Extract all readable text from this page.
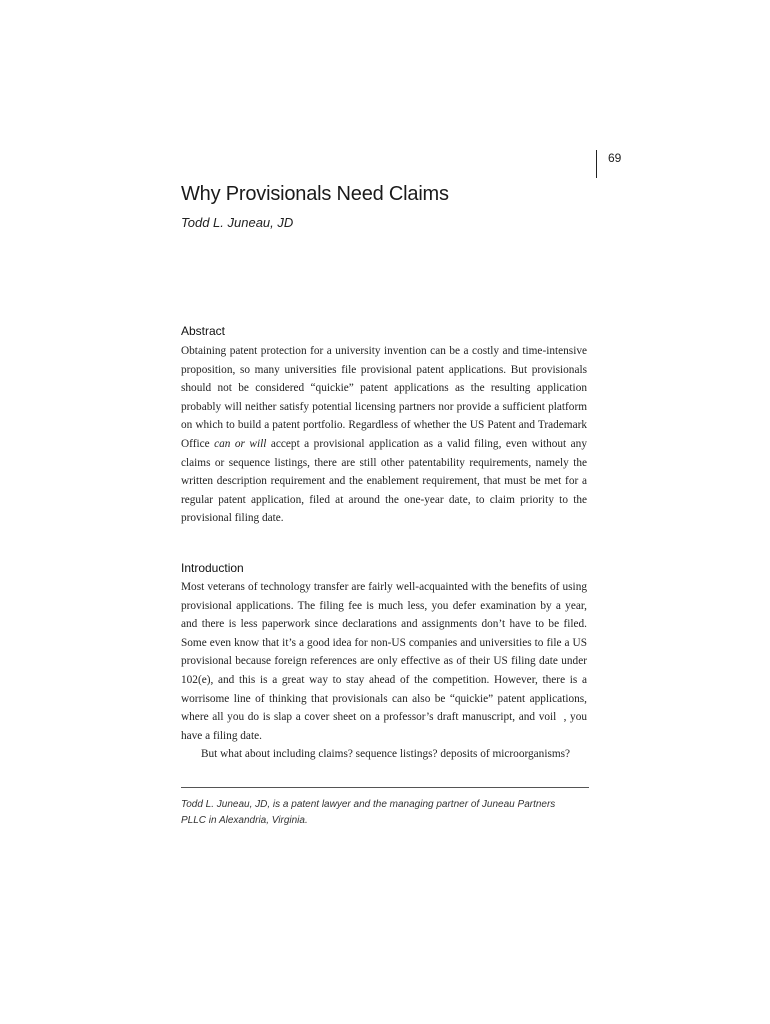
69
Why Provisionals Need Claims
Todd L. Juneau, JD
Abstract

Obtaining patent protection for a university invention can be a costly and time-intensive proposition, so many universities file provisional patent applications. But provisionals should not be considered “quickie” patent applications as the resulting application probably will neither satisfy potential licensing partners nor provide a sufficient platform on which to build a patent portfolio. Regardless of whether the US Patent and Trademark Office can or will accept a provisional application as a valid filing, even without any claims or sequence listings, there are still other patentability requirements, namely the written description requirement and the enablement requirement, that must be met for a regular patent application, filed at around the one-year date, to claim priority to the provisional filing date.

Introduction

Most veterans of technology transfer are fairly well-acquainted with the benefits of using provisional applications. The filing fee is much less, you defer examination by a year, and there is less paperwork since declarations and assignments don’t have to be filed. Some even know that it’s a good idea for non-US companies and universities to file a US provisional because foreign references are only effective as of their US filing date under 102(e), and this is a great way to stay ahead of the competition. However, there is a worrisome line of thinking that provisionals can also be “quickie” patent applications, where all you do is slap a cover sheet on a professor’s draft manuscript, and voil  , you have a filing date.

But what about including claims? sequence listings? deposits of microorganisms?

Todd L. Juneau, JD, is a patent lawyer and the managing partner of Juneau Partners PLLC in Alexandria, Virginia.
